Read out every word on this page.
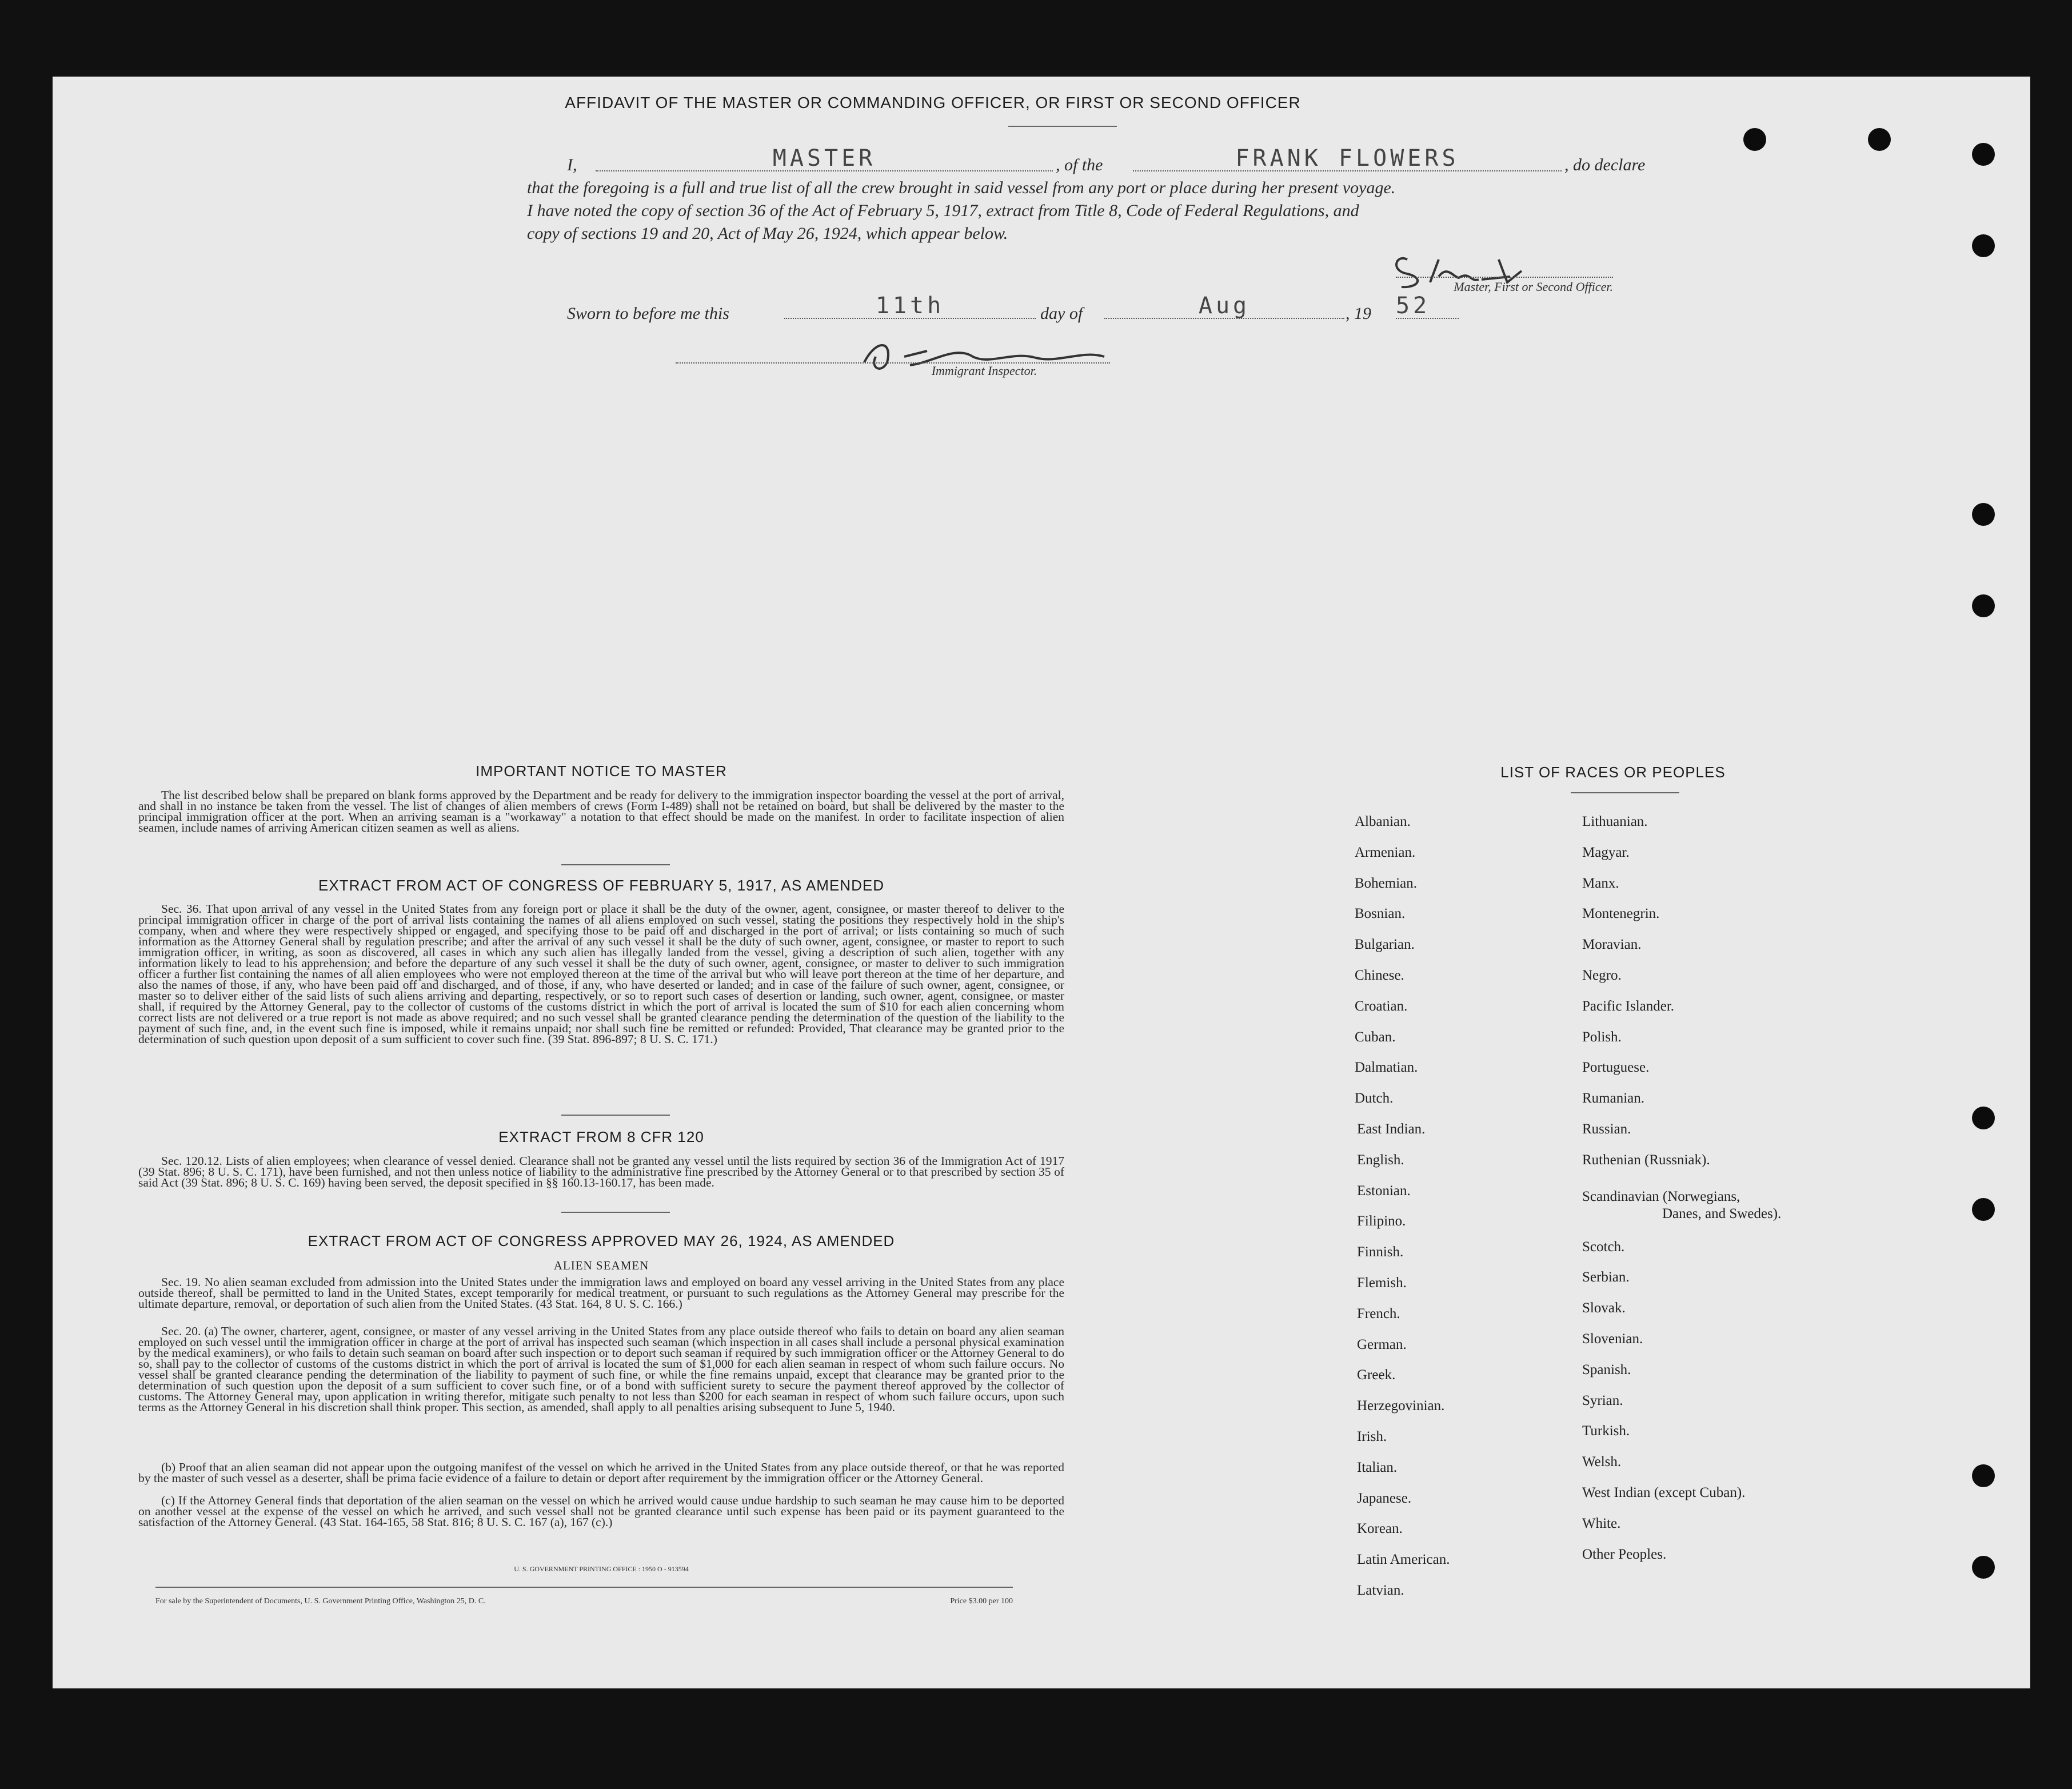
AFFIDAVIT OF THE MASTER OR COMMANDING OFFICER, OR FIRST OR SECOND OFFICER
I,	MASTER	, of the	FRANK FLOWERS	, do declare
that the foregoing is a full and true list of all the crew brought in said vessel from any port or place during her present voyage.
I have noted the copy of section 36 of the Act of February 5, 1917, extract from Title 8, Code of Federal Regulations, and
copy of sections 19 and 20, Act of May 26, 1924, which appear below.
Master, First or Second Officer.
Sworn to before me this	11th	day of	Aug	, 19 52
Immigrant Inspector.
IMPORTANT NOTICE TO MASTER
The list described below shall be prepared on blank forms approved by the Department and be ready for delivery to the immigration inspector boarding the vessel at the port of arrival, and shall in no instance be taken from the vessel. The list of changes of alien members of crews (Form I-489) shall not be retained on board, but shall be delivered by the master to the principal immigration officer at the port. When an arriving seaman is a "workaway" a notation to that effect should be made on the manifest. In order to facilitate inspection of alien seamen, include names of arriving American citizen seamen as well as aliens.
EXTRACT FROM ACT OF CONGRESS OF FEBRUARY 5, 1917, AS AMENDED
Sec. 36. That upon arrival of any vessel in the United States from any foreign port or place it shall be the duty of the owner, agent, consignee, or master thereof to deliver to the principal immigration officer in charge of the port of arrival lists containing the names of all aliens employed on such vessel, stating the positions they respectively hold in the ship's company, when and where they were respectively shipped or engaged, and specifying those to be paid off and discharged in the port of arrival; or lists containing so much of such information as the Attorney General shall by regulation prescribe; and after the arrival of any such vessel it shall be the duty of such owner, agent, consignee, or master to report to such immigration officer, in writing, as soon as discovered, all cases in which any such alien has illegally landed from the vessel, giving a description of such alien, together with any information likely to lead to his apprehension; and before the departure of any such vessel it shall be the duty of such owner, agent, consignee, or master to deliver to such immigration officer a further list containing the names of all alien employees who were not employed thereon at the time of the arrival but who will leave port thereon at the time of her departure, and also the names of those, if any, who have been paid off and discharged, and of those, if any, who have deserted or landed; and in case of the failure of such owner, agent, consignee, or master so to deliver either of the said lists of such aliens arriving and departing, respectively, or so to report such cases of desertion or landing, such owner, agent, consignee, or master shall, if required by the Attorney General, pay to the collector of customs of the customs district in which the port of arrival is located the sum of $10 for each alien concerning whom correct lists are not delivered or a true report is not made as above required; and no such vessel shall be granted clearance pending the determination of the question of the liability to the payment of such fine, and, in the event such fine is imposed, while it remains unpaid; nor shall such fine be remitted or refunded: Provided, That clearance may be granted prior to the determination of such question upon deposit of a sum sufficient to cover such fine. (39 Stat. 896-897; 8 U. S. C. 171.)
EXTRACT FROM 8 CFR 120
Sec. 120.12. Lists of alien employees; when clearance of vessel denied. Clearance shall not be granted any vessel until the lists required by section 36 of the Immigration Act of 1917 (39 Stat. 896; 8 U. S. C. 171), have been furnished, and not then unless notice of liability to the administrative fine prescribed by the Attorney General or to that prescribed by section 35 of said Act (39 Stat. 896; 8 U. S. C. 169) having been served, the deposit specified in §§ 160.13-160.17, has been made.
EXTRACT FROM ACT OF CONGRESS APPROVED MAY 26, 1924, AS AMENDED
ALIEN SEAMEN
Sec. 19. No alien seaman excluded from admission into the United States under the immigration laws and employed on board any vessel arriving in the United States from any place outside thereof, shall be permitted to land in the United States, except temporarily for medical treatment, or pursuant to such regulations as the Attorney General may prescribe for the ultimate departure, removal, or deportation of such alien from the United States. (43 Stat. 164, 8 U. S. C. 166.)
Sec. 20. (a) The owner, charterer, agent, consignee, or master of any vessel arriving in the United States from any place outside thereof who fails to detain on board any alien seaman employed on such vessel until the immigration officer in charge at the port of arrival has inspected such seaman (which inspection in all cases shall include a personal physical examination by the medical examiners), or who fails to detain such seaman on board after such inspection or to deport such seaman if required by such immigration officer or the Attorney General to do so, shall pay to the collector of customs of the customs district in which the port of arrival is located the sum of $1,000 for each alien seaman in respect of whom such failure occurs. No vessel shall be granted clearance pending the determination of the liability to payment of such fine, or while the fine remains unpaid, except that clearance may be granted prior to the determination of such question upon the deposit of a sum sufficient to cover such fine, or of a bond with sufficient surety to secure the payment thereof approved by the collector of customs. The Attorney General may, upon application in writing therefor, mitigate such penalty to not less than $200 for each seaman in respect of whom such failure occurs, upon such terms as the Attorney General in his discretion shall think proper. This section, as amended, shall apply to all penalties arising subsequent to June 5, 1940.
(b) Proof that an alien seaman did not appear upon the outgoing manifest of the vessel on which he arrived in the United States from any place outside thereof, or that he was reported by the master of such vessel as a deserter, shall be prima facie evidence of a failure to detain or deport after requirement by the immigration officer or the Attorney General.
(c) If the Attorney General finds that deportation of the alien seaman on the vessel on which he arrived would cause undue hardship to such seaman he may cause him to be deported on another vessel at the expense of the vessel on which he arrived, and such vessel shall not be granted clearance until such expense has been paid or its payment guaranteed to the satisfaction of the Attorney General. (43 Stat. 164-165, 58 Stat. 816; 8 U. S. C. 167 (a), 167 (c).)
U. S. GOVERNMENT PRINTING OFFICE : 1950 O - 913594
For sale by the Superintendent of Documents, U. S. Government Printing Office, Washington 25, D. C.	Price $3.00 per 100
LIST OF RACES OR PEOPLES
Albanian.
Armenian.
Bohemian.
Bosnian.
Bulgarian.
Chinese.
Croatian.
Cuban.
Dalmatian.
Dutch.
East Indian.
English.
Estonian.
Filipino.
Finnish.
Flemish.
French.
German.
Greek.
Herzegovinian.
Irish.
Italian.
Japanese.
Korean.
Latin American.
Latvian.
Lithuanian.
Magyar.
Manx.
Montenegrin.
Moravian.
Negro.
Pacific Islander.
Polish.
Portuguese.
Rumanian.
Russian.
Ruthenian (Russniak).
Scandinavian (Norwegians,
Danes, and Swedes).
Scotch.
Serbian.
Slovak.
Slovenian.
Spanish.
Syrian.
Turkish.
Welsh.
West Indian (except Cuban).
White.
Other Peoples.
